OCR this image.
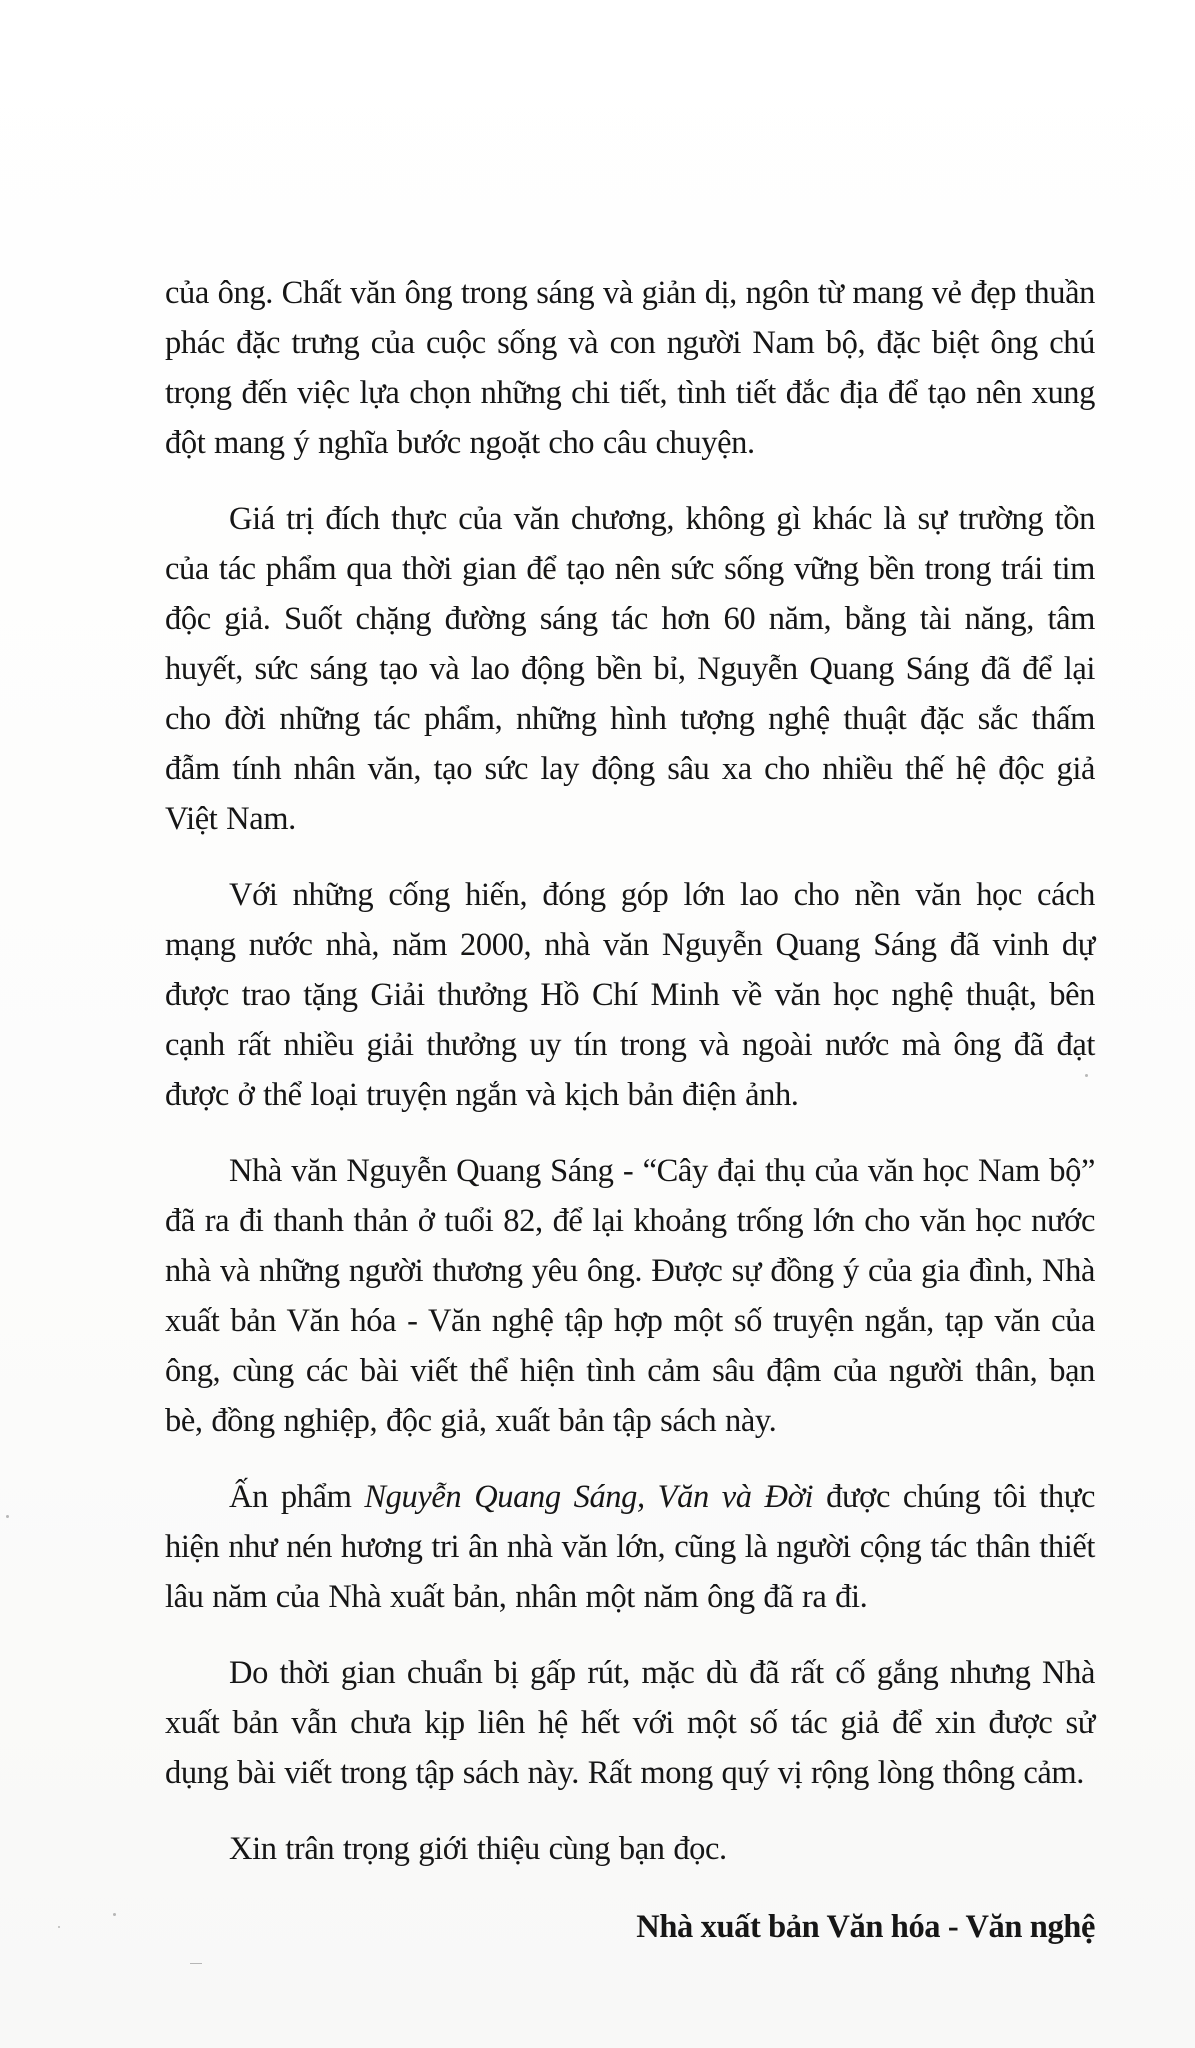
của ông. Chất văn ông trong sáng và giản dị, ngôn từ mang vẻ đẹp thuần phác đặc trưng của cuộc sống và con người Nam bộ, đặc biệt ông chú trọng đến việc lựa chọn những chi tiết, tình tiết đắc địa để tạo nên xung đột mang ý nghĩa bước ngoặt cho câu chuyện.

Giá trị đích thực của văn chương, không gì khác là sự trường tồn của tác phẩm qua thời gian để tạo nên sức sống vững bền trong trái tim độc giả. Suốt chặng đường sáng tác hơn 60 năm, bằng tài năng, tâm huyết, sức sáng tạo và lao động bền bỉ, Nguyễn Quang Sáng đã để lại cho đời những tác phẩm, những hình tượng nghệ thuật đặc sắc thấm đẫm tính nhân văn, tạo sức lay động sâu xa cho nhiều thế hệ độc giả Việt Nam.

Với những cống hiến, đóng góp lớn lao cho nền văn học cách mạng nước nhà, năm 2000, nhà văn Nguyễn Quang Sáng đã vinh dự được trao tặng Giải thưởng Hồ Chí Minh về văn học nghệ thuật, bên cạnh rất nhiều giải thưởng uy tín trong và ngoài nước mà ông đã đạt được ở thể loại truyện ngắn và kịch bản điện ảnh.

Nhà văn Nguyễn Quang Sáng - “Cây đại thụ của văn học Nam bộ” đã ra đi thanh thản ở tuổi 82, để lại khoảng trống lớn cho văn học nước nhà và những người thương yêu ông. Được sự đồng ý của gia đình, Nhà xuất bản Văn hóa - Văn nghệ tập hợp một số truyện ngắn, tạp văn của ông, cùng các bài viết thể hiện tình cảm sâu đậm của người thân, bạn bè, đồng nghiệp, độc giả, xuất bản tập sách này.

Ấn phẩm Nguyễn Quang Sáng, Văn và Đời được chúng tôi thực hiện như nén hương tri ân nhà văn lớn, cũng là người cộng tác thân thiết lâu năm của Nhà xuất bản, nhân một năm ông đã ra đi.

Do thời gian chuẩn bị gấp rút, mặc dù đã rất cố gắng nhưng Nhà xuất bản vẫn chưa kịp liên hệ hết với một số tác giả để xin được sử dụng bài viết trong tập sách này. Rất mong quý vị rộng lòng thông cảm.

Xin trân trọng giới thiệu cùng bạn đọc.

Nhà xuất bản Văn hóa - Văn nghệ
